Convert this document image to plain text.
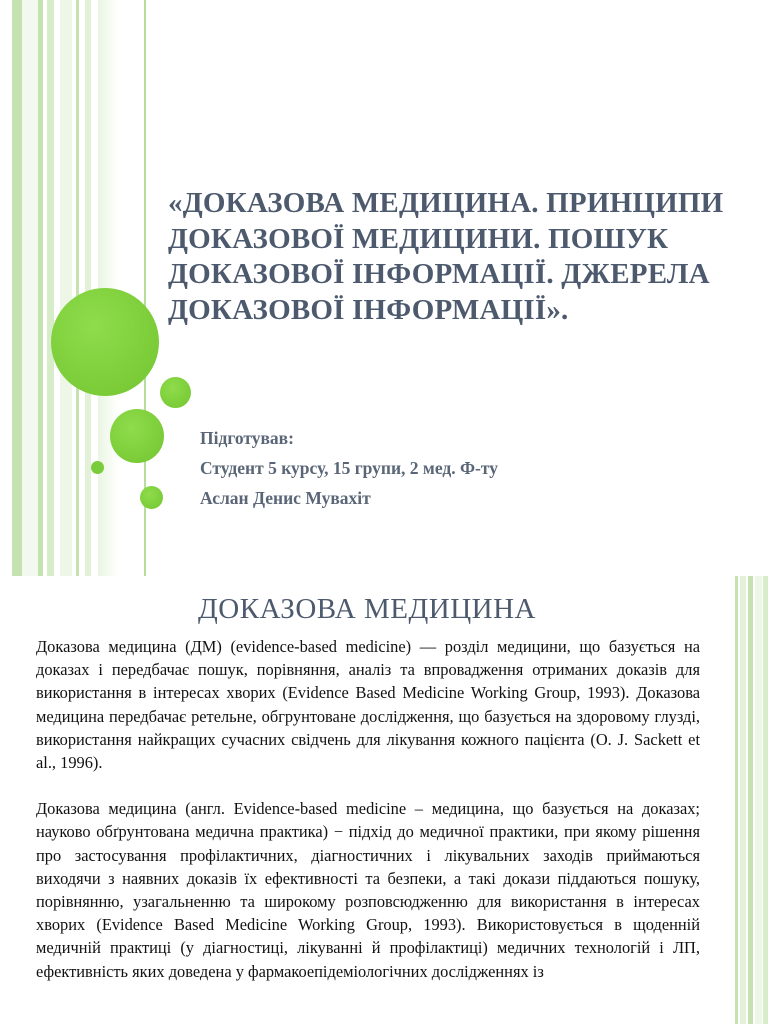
«ДОКАЗОВА МЕДИЦИНА. ПРИНЦИПИ ДОКАЗОВОЇ МЕДИЦИНИ. ПОШУК ДОКАЗОВОЇ ІНФОРМАЦІЇ. ДЖЕРЕЛА ДОКАЗОВОЇ ІНФОРМАЦІЇ».
Підготував:
Студент 5 курсу, 15 групи, 2 мед. Ф-ту
Аслан Денис Мувахіт
ДОКАЗОВА МЕДИЦИНА

Доказова медицина (ДМ) (evidence-based medicine) — розділ медицини, що базується на доказах і передбачає пошук, порівняння, аналіз та впровадження отриманих доказів для використання в інтересах хворих (Evidence Based Medicine Working Group, 1993). Доказова медицина передбачає ретельне, обгрунтоване дослідження, що базується на здоровому глузді, використання найкращих сучасних свідчень для лікування кожного пацієнта (O. J. Sackett et al., 1996).

Доказова медицина (англ. Evidence-based medicine – медицина, що базується на доказах; науково обґрунтована медична практика) − підхід до медичної практики, при якому рішення про застосування профілактичних, діагностичних і лікувальних заходів приймаються виходячи з наявних доказів їх ефективності та безпеки, а такі докази піддаються пошуку, порівнянню, узагальненню та широкому розповсюдженню для використання в інтересах хворих (Evidence Based Medicine Working Group, 1993). Використовується в щоденній медичній практиці (у діагностиці, лікуванні й профілактиці) медичних технологій і ЛП, ефективність яких доведена у фармакоепідеміологічних дослідженнях із
